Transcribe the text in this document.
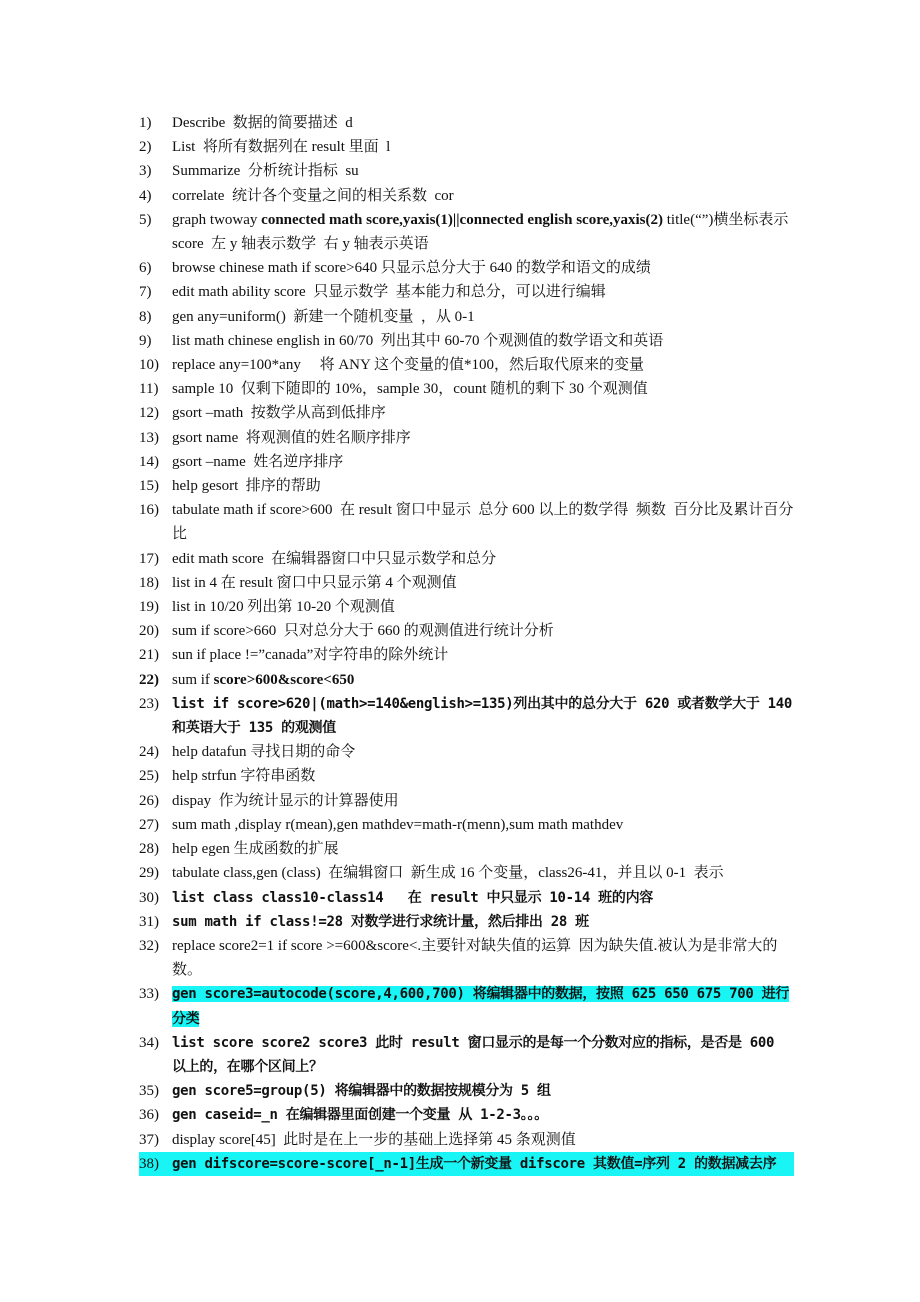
1)	Describe  数据的简要描述  d
2)	List  将所有数据列在 result 里面  l
3)	Summarize  分析统计指标  su
4)	correlate  统计各个变量之间的相关系数  cor
5)	graph twoway connected math score,yaxis(1)||connected english score,yaxis(2) title(“”)横坐标表示 score  左 y 轴表示数学  右 y 轴表示英语
6)	browse chinese math if score>640 只显示总分大于 640 的数学和语文的成绩
7)	edit math ability score  只显示数学  基本能力和总分，可以进行编辑
8)	gen any=uniform()  新建一个随机变量  ，从 0-1
9)	list math chinese english in 60/70  列出其中 60-70 个观测值的数学语文和英语
10) replace any=100*any     将 ANY 这个变量的值*100，然后取代原来的变量
11) sample 10  仅剩下随即的 10%，sample 30，count 随机的剩下 30 个观测值
12) gsort –math  按数学从高到低排序
13) gsort name  将观测值的姓名顺序排序
14) gsort –name  姓名逆序排序
15) help gesort  排序的帮助
16) tabulate math if score>600  在 result 窗口中显示  总分 600 以上的数学得  频数  百分比及累计百分比
17) edit math score  在编辑器窗口中只显示数学和总分
18) list in 4 在 result 窗口中只显示第 4 个观测值
19) list in 10/20 列出第 10-20 个观测值
20) sum if score>660  只对总分大于 660 的观测值进行统计分析
21) sun if place !=”canada”对字符串的除外统计
22) sum if score>600&score<650
23) list if score>620|(math>=140&english>=135)列出其中的总分大于 620 或者数学大于 140 和英语大于 135 的观测值
24) help datafun 寻找日期的命令
25) help strfun 字符串函数
26) dispay  作为统计显示的计算器使用
27) sum math ,display r(mean),gen mathdev=math-r(menn),sum math mathdev
28) help egen 生成函数的扩展
29) tabulate class,gen (class)  在编辑窗口  新生成 16 个变量，class26-41，并且以 0-1  表示
30) list class class10-class14   在 result 中只显示 10-14 班的内容
31) sum math if class!=28 对数学进行求统计量，然后排出 28 班
32) replace score2=1 if score >=600&score<.主要针对缺失值的运算  因为缺失值.被认为是非常大的数。
33) gen score3=autocode(score,4,600,700) 将编辑器中的数据，按照 625 650 675 700 进行分类
34) list score score2 score3 此时 result 窗口显示的是每一个分数对应的指标，是否是 600 以上的，在哪个区间上？
35) gen score5=group(5) 将编辑器中的数据按规模分为 5 组
36) gen caseid=_n 在编辑器里面创建一个变量 从 1-2-3。。。
37) display score[45]  此时是在上一步的基础上选择第 45 条观测值
38) gen difscore=score-score[_n-1]生成一个新变量 difscore 其数值=序列 2 的数据减去序
